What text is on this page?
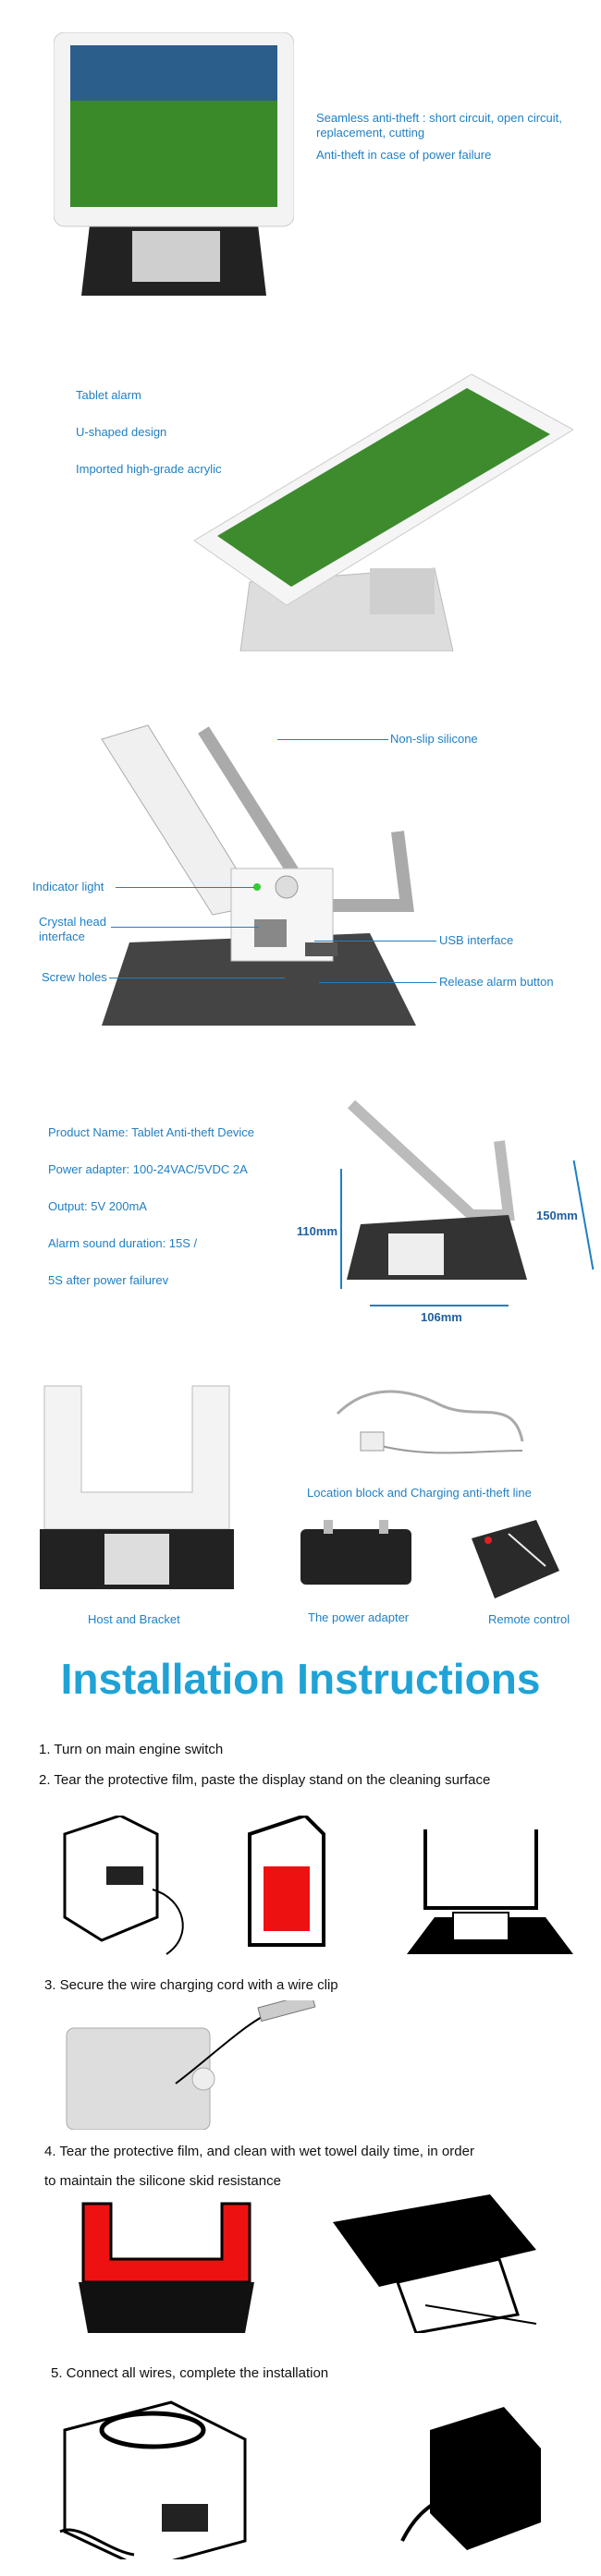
Seamless anti-theft : short circuit, open circuit,
replacement, cutting
Anti-theft in case of power failure
Tablet alarm
U-shaped design
Imported high-grade acrylic
Non-slip silicone
Indicator light
Crystal head
interface	USB interface
Screw holes	Release alarm button
Product Name: Tablet Anti-theft Device
Power adapter: 100-24VAC/5VDC 2A
Output: 5V 200mA
Alarm sound duration: 15S /
5S after power failurev
110mm
150mm
106mm
Host and Bracket
Location block and Charging anti-theft line
The power adapter	Remote control
Installation Instructions
1. Turn on main engine switch
2. Tear the protective film, paste the display stand on the cleaning surface
3. Secure the wire charging cord with a wire clip
4. Tear the protective film, and clean with wet towel daily time, in order
to maintain the silicone skid resistance
5. Connect all wires, complete the installation
